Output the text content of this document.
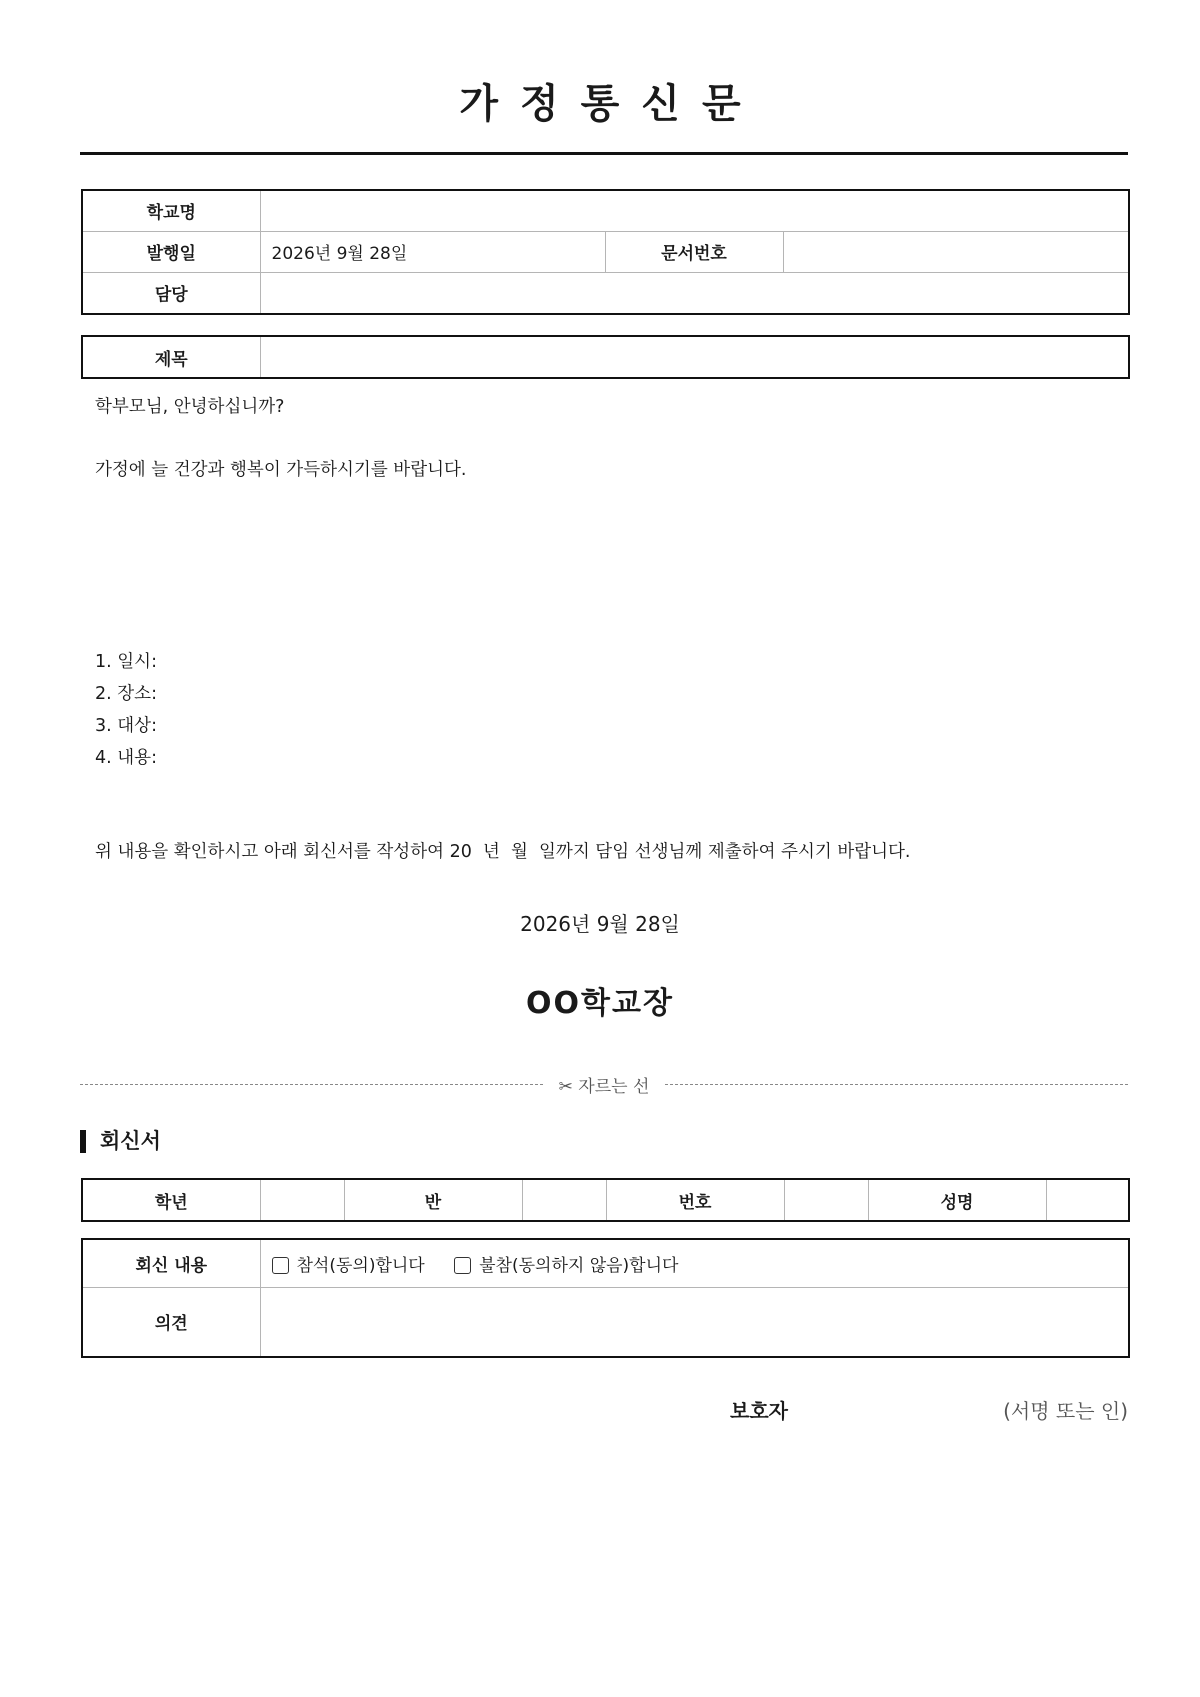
가정통신문
학교명			
발행일	2026년 9월 28일	문서번호	
담당			
제목	

학부모님, 안녕하십니까?

가정에 늘 건강과 행복이 가득하시기를 바랍니다.

1. 일시:

2. 장소:

3. 대상:

4. 내용:

위 내용을 확인하시고 아래 회신서를 작성하여 20  년  월  일까지 담임 선생님께 제출하여 주시기 바랍니다.

2026년 9월 28일
OO학교장
✂ 자르는 선
회신서
학년		반		번호		성명	
회신 내용	참석(동의)합니다 불참(동의하지 않음)합니다
의견	
보호자	(서명 또는 인)
